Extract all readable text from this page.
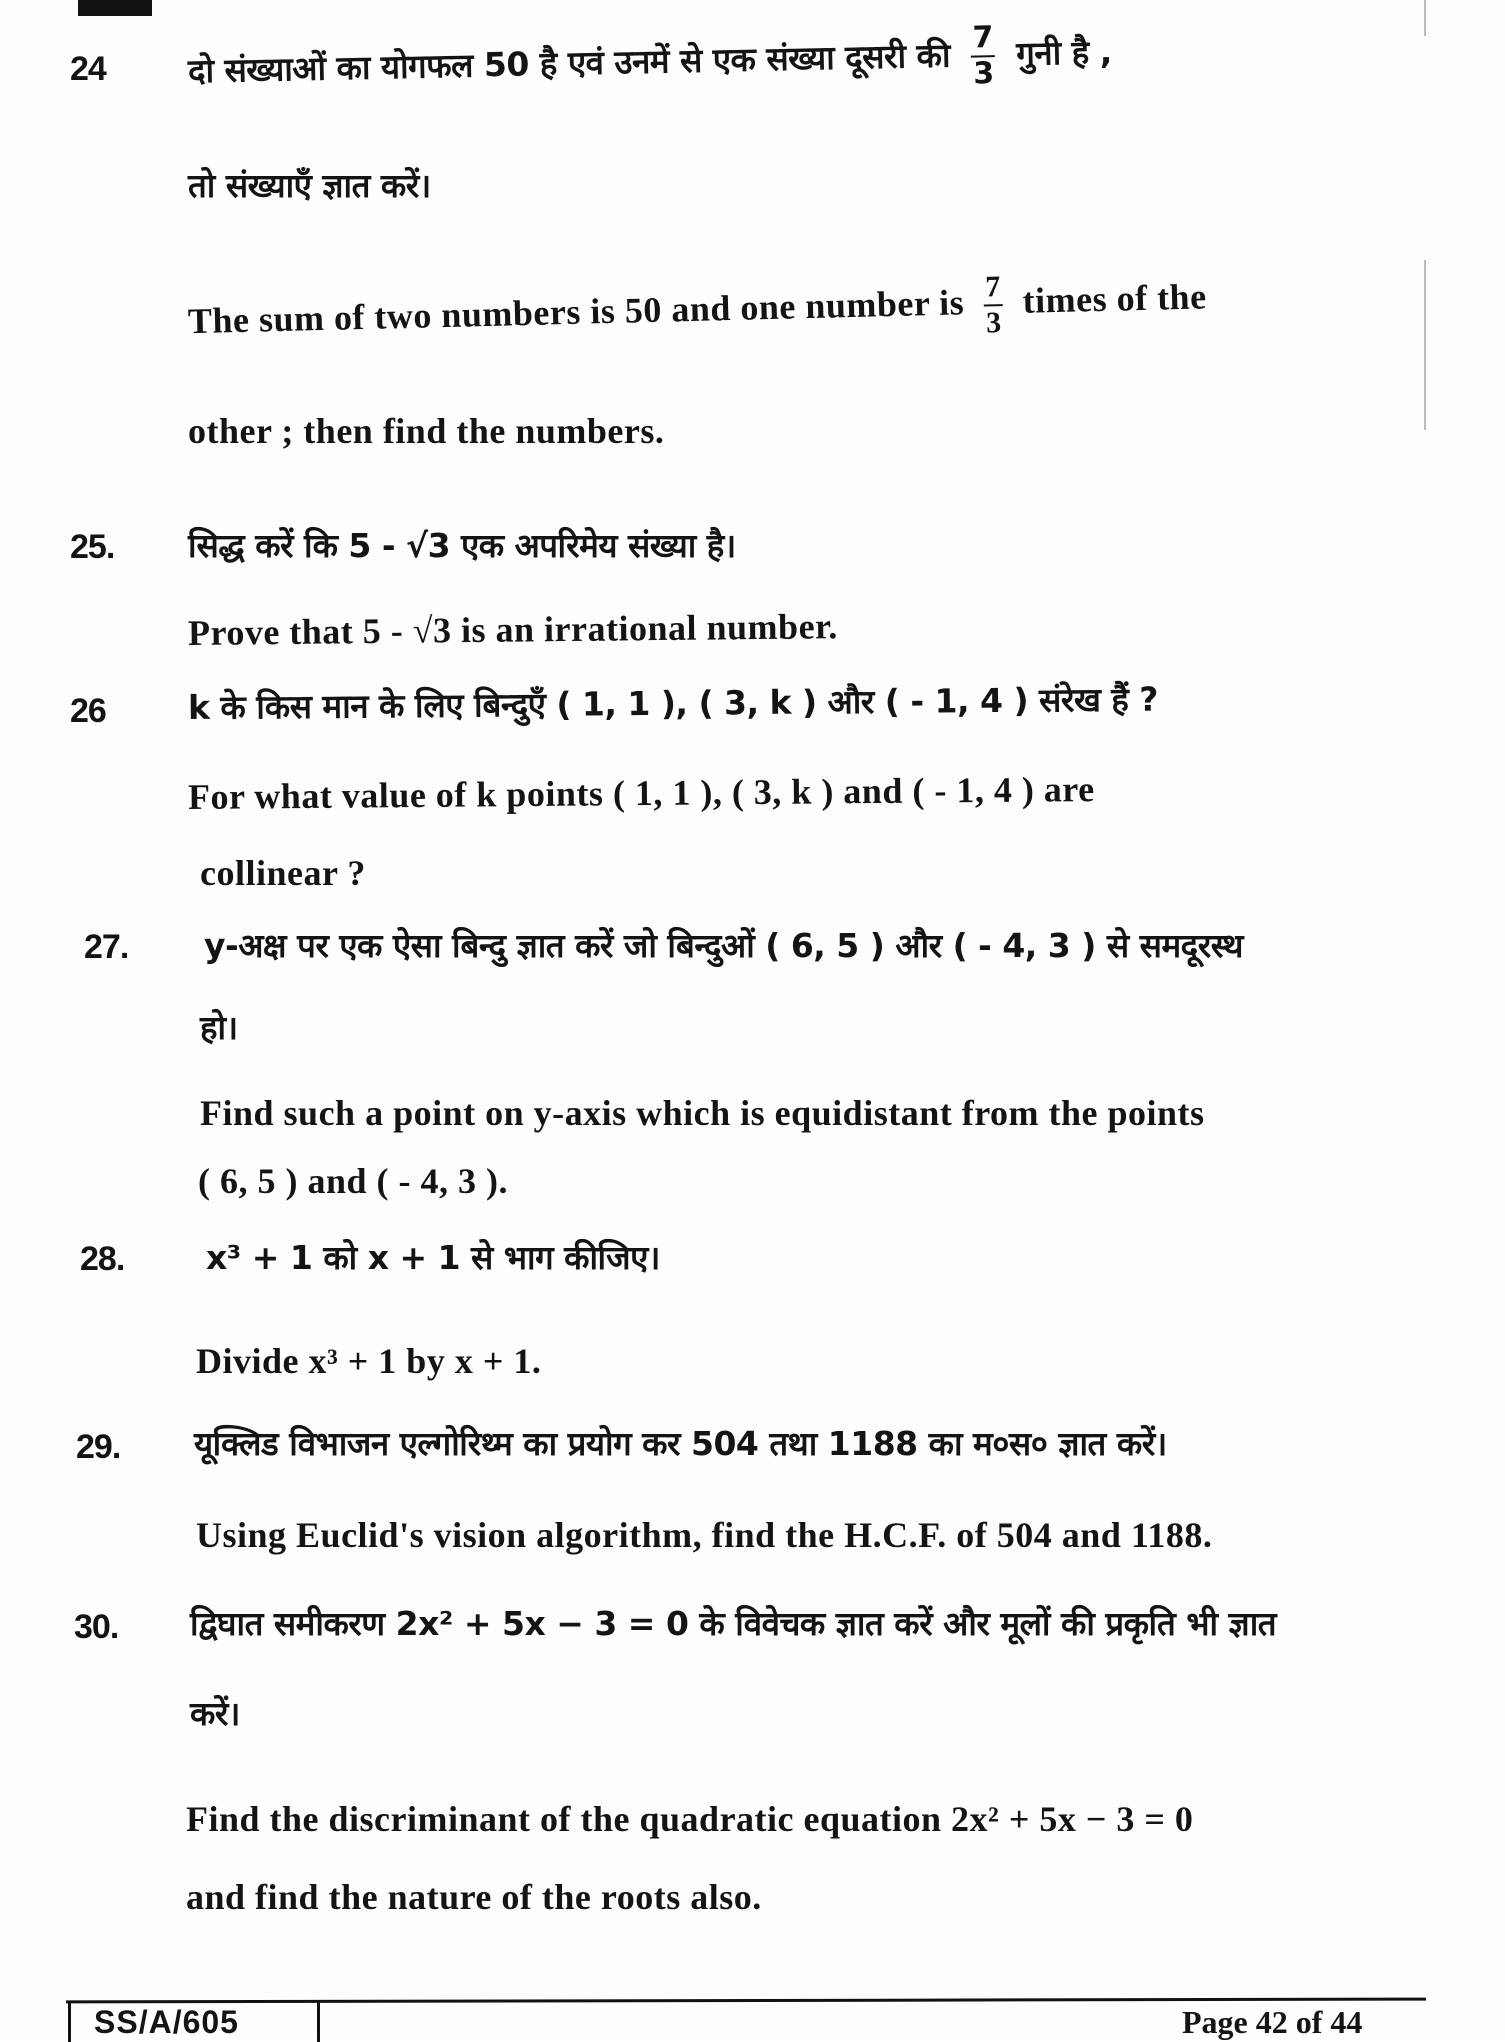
24 दो संख्याओं का योगफल 50 है एवं उनमें से एक संख्या दूसरी की $\frac{7}{3}$ गुनी है ,
तो संख्याएँ ज्ञात करें।
The sum of two numbers is 50 and one number is $\frac{7}{3}$ times of the
other ; then find the numbers.
25. सिद्ध करें कि 5 - √3 एक अपरिमेय संख्या है।
Prove that 5 - √3 is an irrational number.
26 k के किस मान के लिए बिन्दुएँ ( 1, 1 ), ( 3, k ) और ( - 1, 4 ) संरेख हैं ?
For what value of k points ( 1, 1 ), ( 3, k ) and ( - 1, 4 ) are
collinear ?
27. y-अक्ष पर एक ऐसा बिन्दु ज्ञात करें जो बिन्दुओं ( 6, 5 ) और ( - 4, 3 ) से समदूरस्थ
हो।
Find such a point on y-axis which is equidistant from the points
( 6, 5 ) and ( - 4, 3 ).
28. x³ + 1 को x + 1 से भाग कीजिए।
Divide x³ + 1 by x + 1.
29. यूक्लिड विभाजन एल्गोरिथ्म का प्रयोग कर 504 तथा 1188 का म०स० ज्ञात करें।
Using Euclid's vision algorithm, find the H.C.F. of 504 and 1188.
30. द्विघात समीकरण 2x² + 5x − 3 = 0 के विवेचक ज्ञात करें और मूलों की प्रकृति भी ज्ञात
करें।
Find the discriminant of the quadratic equation 2x² + 5x − 3 = 0
and find the nature of the roots also.
SS/A/605	Page 42 of 44
